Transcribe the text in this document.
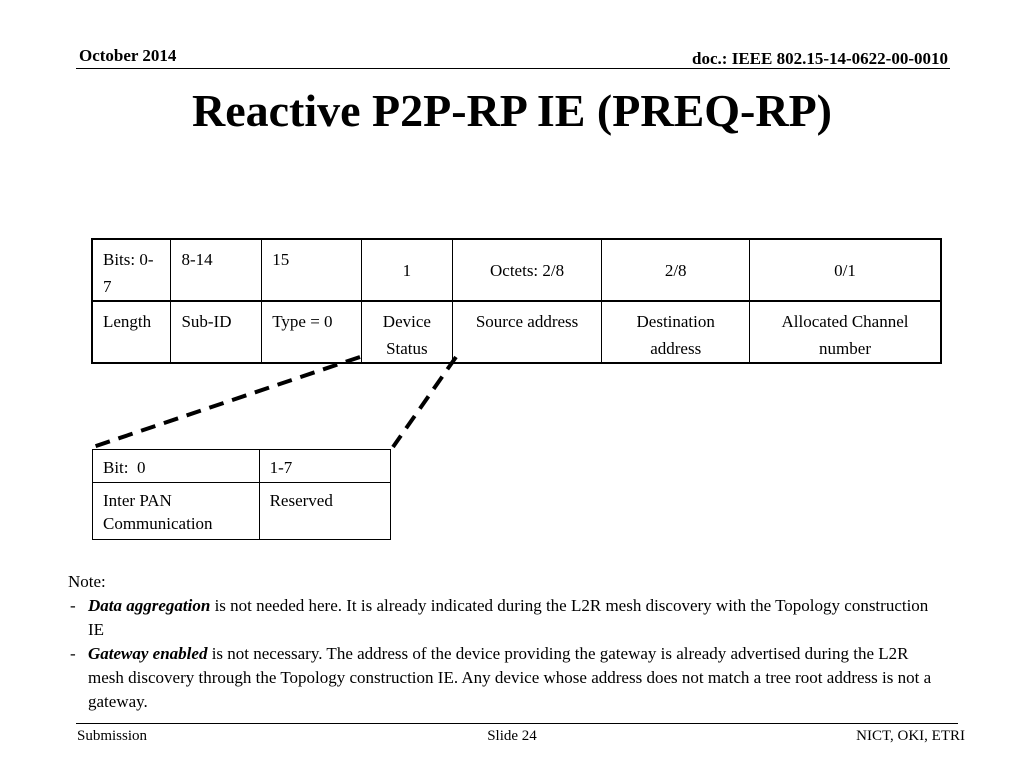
October 2014	doc.: IEEE 802.15-14-0622-00-0010
Reactive P2P-RP IE (PREQ-RP)
Bits: 0-7	8-14	15	1	Octets: 2/8	2/8	0/1
Length	Sub-ID	Type = 0	Device Status	Source address	Destination address	Allocated Channel number
Bit:  0	1-7
Inter PAN Communication	Reserved
Note:
- Data aggregation is not needed here. It is already indicated during the L2R mesh discovery with the Topology construction IE
- Gateway enabled is not necessary. The address of the device providing the gateway is already advertised during the L2R mesh discovery through the Topology construction IE. Any device whose address does not match a tree root address is not a gateway.
Submission	Slide 24	NICT, OKI, ETRI
